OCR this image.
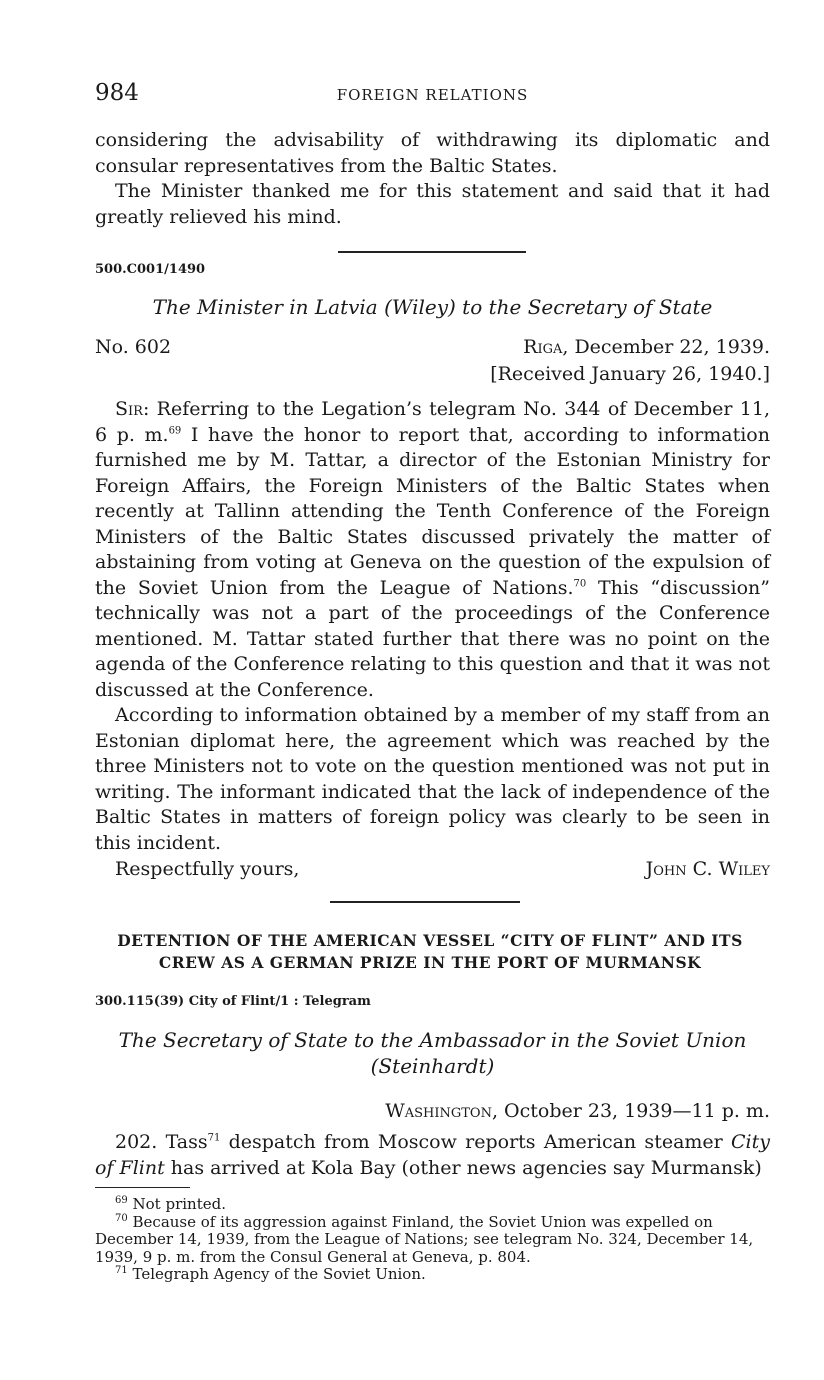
984	FOREIGN RELATIONS

considering the advisability of withdrawing its diplomatic and consular representatives from the Baltic States.

The Minister thanked me for this statement and said that it had greatly relieved his mind.

500.C001/1490
The Minister in Latvia (Wiley) to the Secretary of State
No. 602	Riga, December 22, 1939.
[Received January 26, 1940.]

Sir: Referring to the Legation’s telegram No. 344 of December 11, 6 p. m.$^{69}$ I have the honor to report that, according to information furnished me by M. Tattar, a director of the Estonian Ministry for Foreign Affairs, the Foreign Ministers of the Baltic States when recently at Tallinn attending the Tenth Conference of the Foreign Ministers of the Baltic States discussed privately the matter of abstaining from voting at Geneva on the question of the expulsion of the Soviet Union from the League of Nations.$^{70}$ This “discussion” technically was not a part of the proceedings of the Conference mentioned. M. Tattar stated further that there was no point on the agenda of the Conference relating to this question and that it was not discussed at the Conference.

According to information obtained by a member of my staff from an Estonian diplomat here, the agreement which was reached by the three Ministers not to vote on the question mentioned was not put in writing. The informant indicated that the lack of independence of the Baltic States in matters of foreign policy was clearly to be seen in this incident.

Respectfully yours,	John C. Wiley
DETENTION OF THE AMERICAN VESSEL “CITY OF FLINT” AND ITS CREW AS A GERMAN PRIZE IN THE PORT OF MURMANSK
300.115(39) City of Flint/1 : Telegram
The Secretary of State to the Ambassador in the Soviet Union
(Steinhardt)
Washington, October 23, 1939—11 p. m.

202. Tass$^{71}$ despatch from Moscow reports American steamer City of Flint has arrived at Kola Bay (other news agencies say Murmansk)

$^{69}$ Not printed.
$^{70}$ Because of its aggression against Finland, the Soviet Union was expelled on December 14, 1939, from the League of Nations; see telegram No. 324, December 14, 1939, 9 p. m. from the Consul General at Geneva, p. 804.
$^{71}$ Telegraph Agency of the Soviet Union.
